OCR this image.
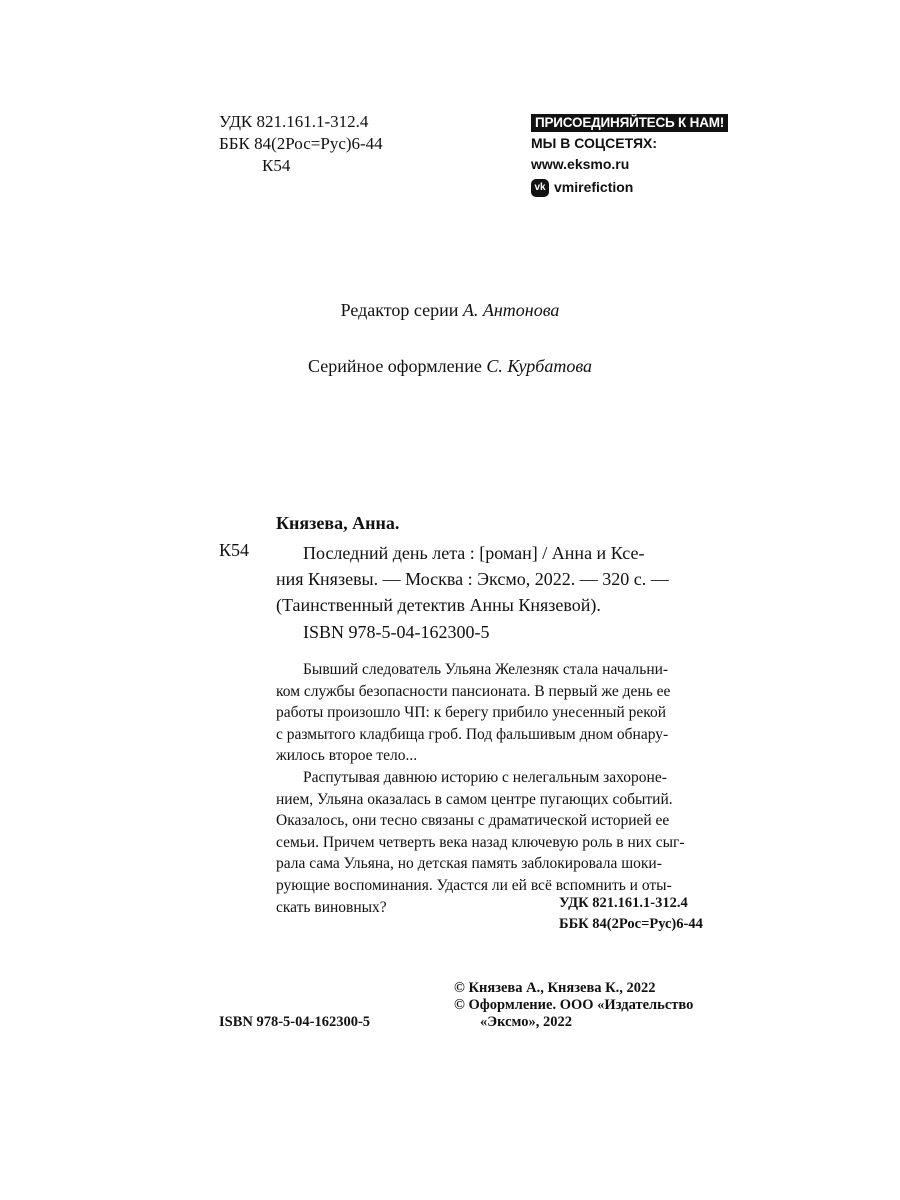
УДК 821.161.1-312.4
ББК 84(2Рос=Рус)6-44
К54
ПРИСОЕДИНЯЙТЕСЬ К НАМ!
МЫ В СОЦСЕТЯХ:
www.eksmo.ru
vk vmirefiction
Редактор серии А. Антонова
Серийное оформление С. Курбатова
Князева, Анна.
К54	Последний день лета : [роман] / Анна и Ксе-
ния Князевы. — Москва : Эксмо, 2022. — 320 с. —
(Таинственный детектив Анны Князевой).
ISBN 978-5-04-162300-5
Бывший следователь Ульяна Железняк стала начальни-
ком службы безопасности пансионата. В первый же день ее
работы произошло ЧП: к берегу прибило унесенный рекой
с размытого кладбища гроб. Под фальшивым дном обнару-
жилось второе тело...
Распутывая давнюю историю с нелегальным захороне-
нием, Ульяна оказалась в самом центре пугающих событий.
Оказалось, они тесно связаны с драматической историей ее
семьи. Причем четверть века назад ключевую роль в них сыг-
рала сама Ульяна, но детская память заблокировала шоки-
рующие воспоминания. Удастся ли ей всё вспомнить и оты-
скать виновных?	УДК 821.161.1-312.4
ББК 84(2Рос=Рус)6-44
© Князева А., Князева К., 2022
© Оформление. ООО «Издательство
«Эксмо», 2022
ISBN 978-5-04-162300-5
